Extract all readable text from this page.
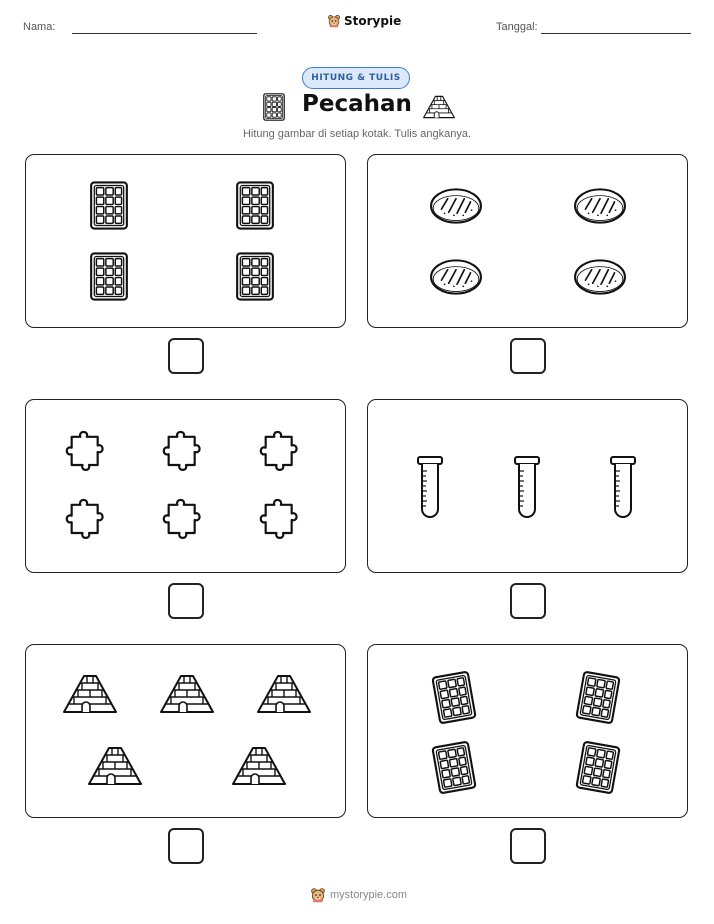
Nama:	Storypie	Tanggal:
HITUNG & TULIS
Pecahan
Hitung gambar di setiap kotak. Tulis angkanya.
mystorypie.com
